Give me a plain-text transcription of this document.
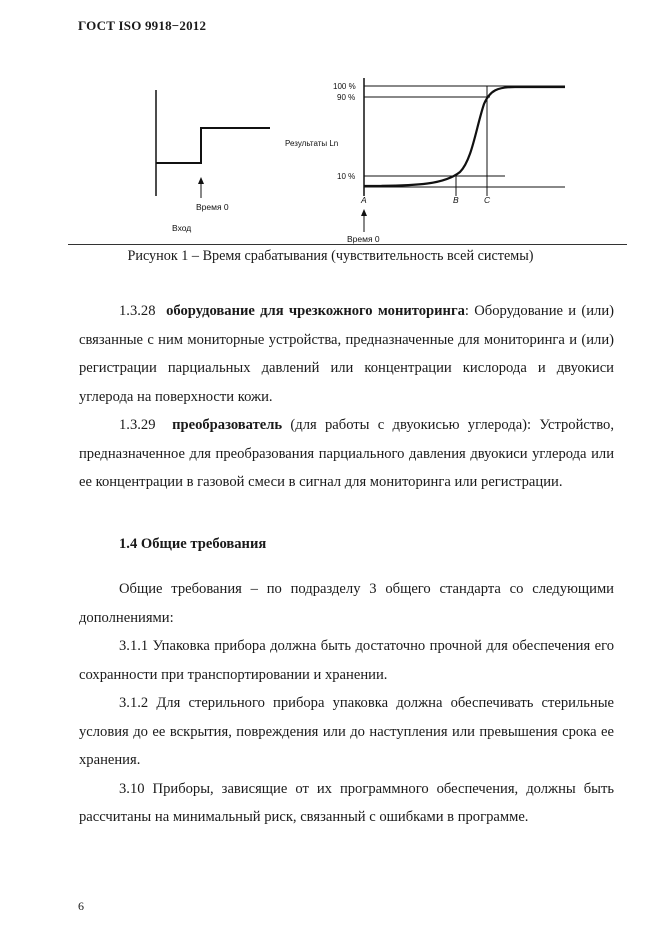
ГОСТ ISO 9918−2012
Время 0
Вход
100 %
90 %
10 %
Результаты Ln
A	B	C
Время 0
Рисунок 1 – Время срабатывания (чувствительность всей системы)

1.3.28 оборудование для чрезкожного мониторинга: Оборудование и (или) связанные с ним мониторные устройства, предназначенные для мониторинга и (или) регистрации парциальных давлений или концентрации кислорода и двуокиси углерода на поверхности кожи.

1.3.29 преобразователь (для работы с двуокисью углерода): Устройство, предназначенное для преобразования парциального давления двуокиси углерода или ее концентрации в газовой смеси в сигнал для мониторинга или регистрации.

1.4 Общие требования

Общие требования – по подразделу 3 общего стандарта со следующими дополнениями:

3.1.1 Упаковка прибора должна быть достаточно прочной для обеспечения его сохранности при транспортировании и хранении.

3.1.2 Для стерильного прибора упаковка должна обеспечивать стерильные условия до ее вскрытия, повреждения или до наступления или превышения срока ее хранения.

3.10 Приборы, зависящие от их программного обеспечения, должны быть рассчитаны на минимальный риск, связанный с ошибками в программе.

6
